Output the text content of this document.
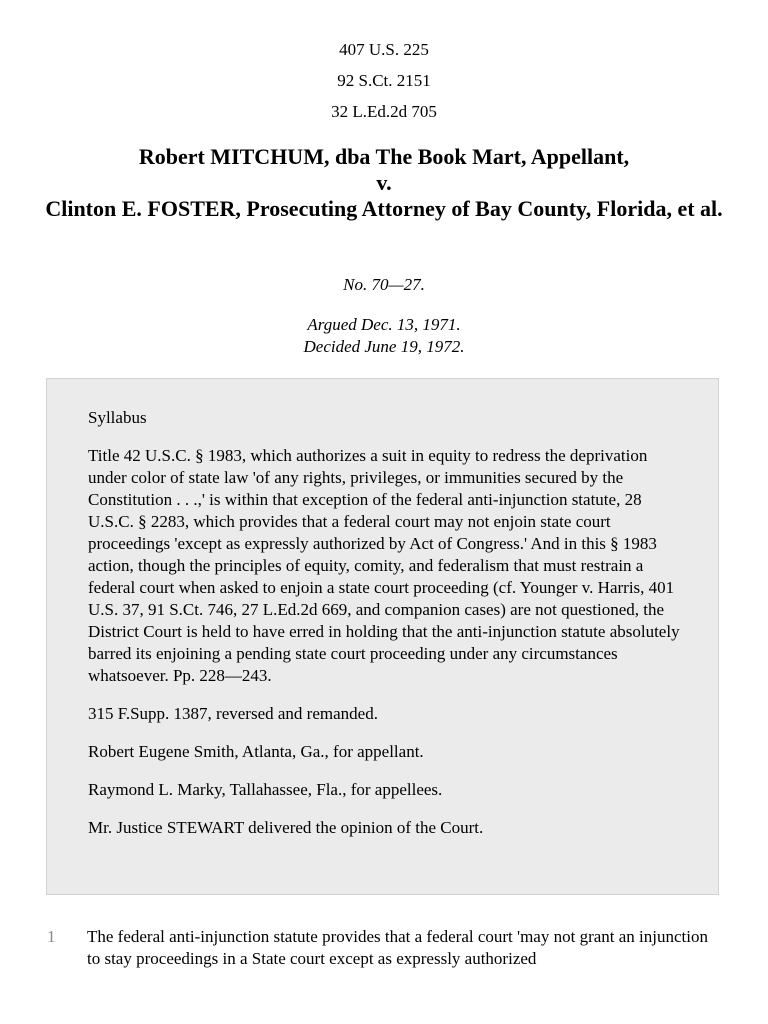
407 U.S. 225
92 S.Ct. 2151
32 L.Ed.2d 705
Robert MITCHUM, dba The Book Mart, Appellant,
v.
Clinton E. FOSTER, Prosecuting Attorney of Bay County, Florida, et al.
No. 70—27.
Argued Dec. 13, 1971.
Decided June 19, 1972.

Syllabus

Title 42 U.S.C. § 1983, which authorizes a suit in equity to redress the deprivation under color of state law 'of any rights, privileges, or immunities secured by the Constitution . . .,' is within that exception of the federal anti-injunction statute, 28 U.S.C. § 2283, which provides that a federal court may not enjoin state court proceedings 'except as expressly authorized by Act of Congress.' And in this § 1983 action, though the principles of equity, comity, and federalism that must restrain a federal court when asked to enjoin a state court proceeding (cf. Younger v. Harris, 401 U.S. 37, 91 S.Ct. 746, 27 L.Ed.2d 669, and companion cases) are not questioned, the District Court is held to have erred in holding that the anti-injunction statute absolutely barred its enjoining a pending state court proceeding under any circumstances whatsoever. Pp. 228—243.

315 F.Supp. 1387, reversed and remanded.

Robert Eugene Smith, Atlanta, Ga., for appellant.

Raymond L. Marky, Tallahassee, Fla., for appellees.

Mr. Justice STEWART delivered the opinion of the Court.

1 The federal anti-injunction statute provides that a federal court 'may not grant an injunction to stay proceedings in a State court except as expressly authorized
